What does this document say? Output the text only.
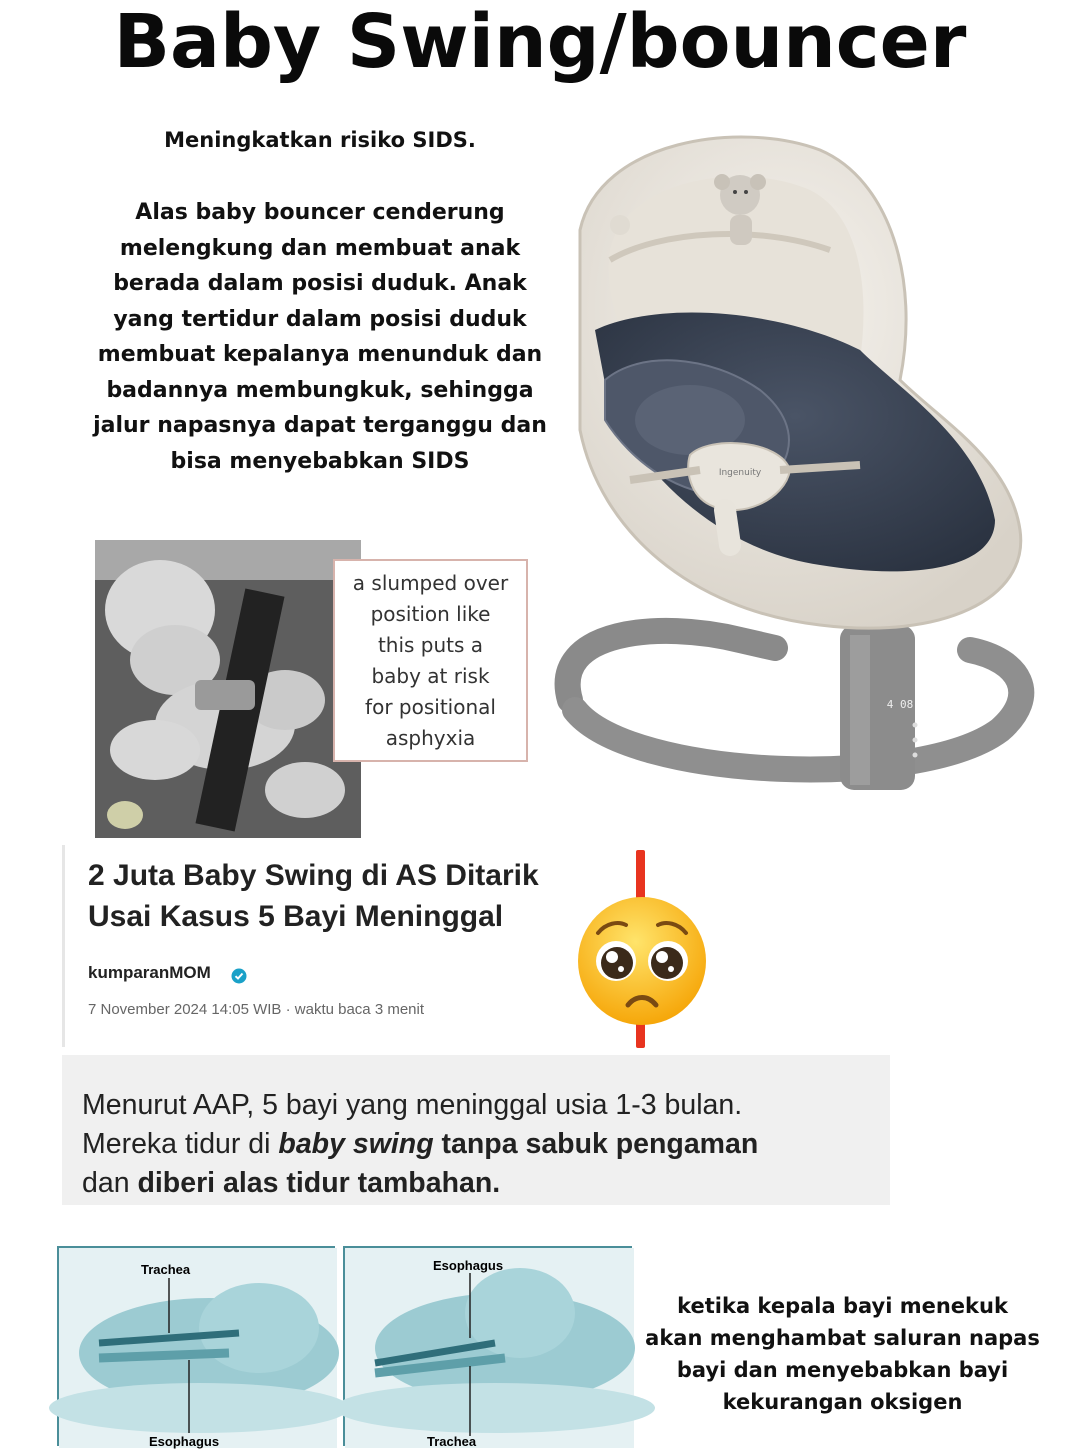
Baby Swing/bouncer
Meningkatkan risiko SIDS.
Alas baby bouncer cenderung melengkung dan membuat anak berada dalam posisi duduk. Anak yang tertidur dalam posisi duduk membuat kepalanya menunduk dan badannya membungkuk, sehingga jalur napasnya dapat terganggu dan bisa menyebabkan SIDS
4 08
Ingenuity
a slumped over
position like
this puts a
baby at risk
for positional
asphyxia
2 Juta Baby Swing di AS Ditarik
Usai Kasus 5 Bayi Meninggal
kumparanMOM
7 November 2024 14:05 WIB · waktu baca 3 menit
Menurut AAP, 5 bayi yang meninggal usia 1-3 bulan.
Mereka tidur di baby swing tanpa sabuk pengaman
dan diberi alas tidur tambahan.
Trachea
Esophagus
Esophagus
Trachea
ketika kepala bayi menekuk akan menghambat saluran napas bayi dan menyebabkan bayi kekurangan oksigen
